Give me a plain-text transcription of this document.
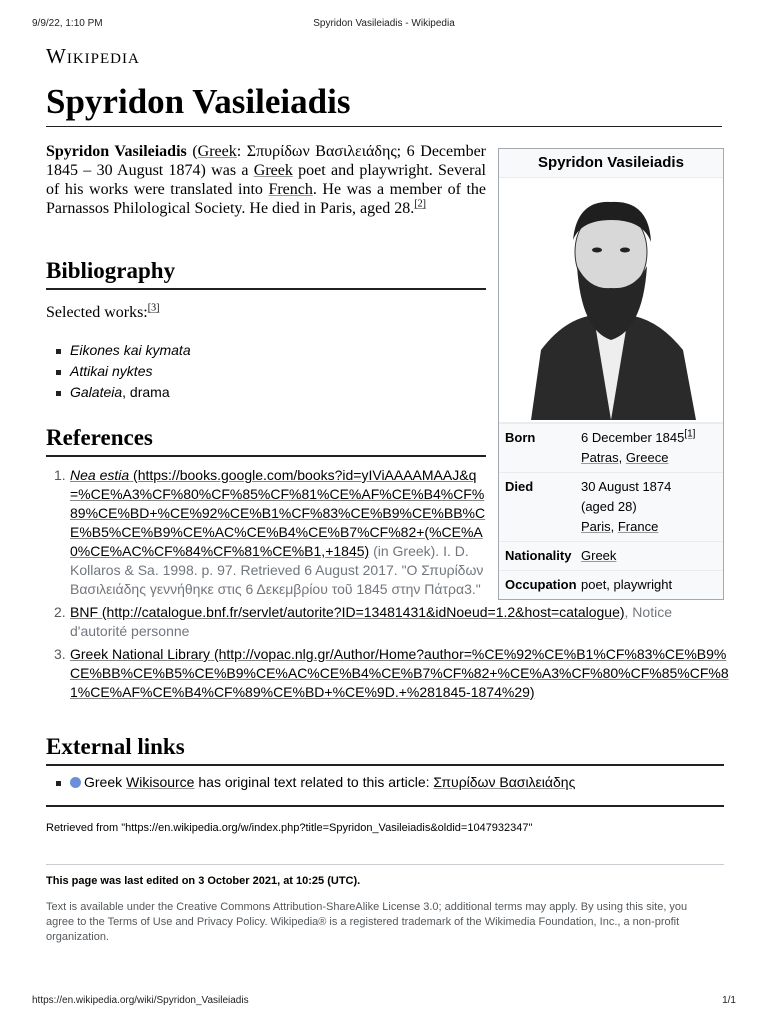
9/9/22, 1:10 PM	Spyridon Vasileiadis - Wikipedia
Wikipedia
Spyridon Vasileiadis

Spyridon Vasileiadis (Greek: Σπυρίδων Βασιλειάδης; 6 December 1845 – 30 August 1874) was a Greek poet and playwright. Several of his works were translated into French. He was a member of the Parnassos Philological Society. He died in Paris, aged 28.[2]

Bibliography
Selected works:[3]
Eikones kai kymata
Attikai nyktes
Galateia, drama
References
1. Nea estia (https://books.google.com/books?id=yIViAAAAMAAJ&q=%CE%A3%CF%80%CF%85%CF%81%CE%AF%CE%B4%CF%89%CE%BD+%CE%92%CE%B1%CF%83%CE%B9%CE%BB%CE%B5%CE%B9%CE%AC%CE%B4%CE%B7%CF%82+(%CE%A0%CE%AC%CF%84%CF%81%CE%B1,+1845) (in Greek). I. D. Kollaros & Sa. 1998. p. 97. Retrieved 6 August 2017. "Ο Σπυρίδων Βασιλειάδης γεννήθηκε στις 6 Δεκεμβρίου τοῦ 1845 στην Πάτρα3."
2. BNF (http://catalogue.bnf.fr/servlet/autorite?ID=13481431&idNoeud=1.2&host=catalogue), Notice d'autorité personne
3. Greek National Library (http://vopac.nlg.gr/Author/Home?author=%CE%92%CE%B1%CF%83%CE%B9%CE%BB%CE%B5%CE%B9%CE%AC%CE%B4%CE%B7%CF%82+%CE%A3%CF%80%CF%85%CF%81%CE%AF%CE%B4%CF%89%CE%BD+%CE%9D.+%281845-1874%29)
Spyridon Vasileiadis
Born	6 December 1845[1]
Patras, Greece
Died	30 August 1874
(aged 28)
Paris, France
Nationality Greek
Occupation poet, playwright
External links
Greek Wikisource has original text related to this article: Σπυρίδων Βασιλειάδης
Retrieved from "https://en.wikipedia.org/w/index.php?title=Spyridon_Vasileiadis&oldid=1047932347"
This page was last edited on 3 October 2021, at 10:25 (UTC).
Text is available under the Creative Commons Attribution-ShareAlike License 3.0; additional terms may apply. By using this site, you agree to the Terms of Use and Privacy Policy. Wikipedia® is a registered trademark of the Wikimedia Foundation, Inc., a non-profit organization.
https://en.wikipedia.org/wiki/Spyridon_Vasileiadis	1/1
